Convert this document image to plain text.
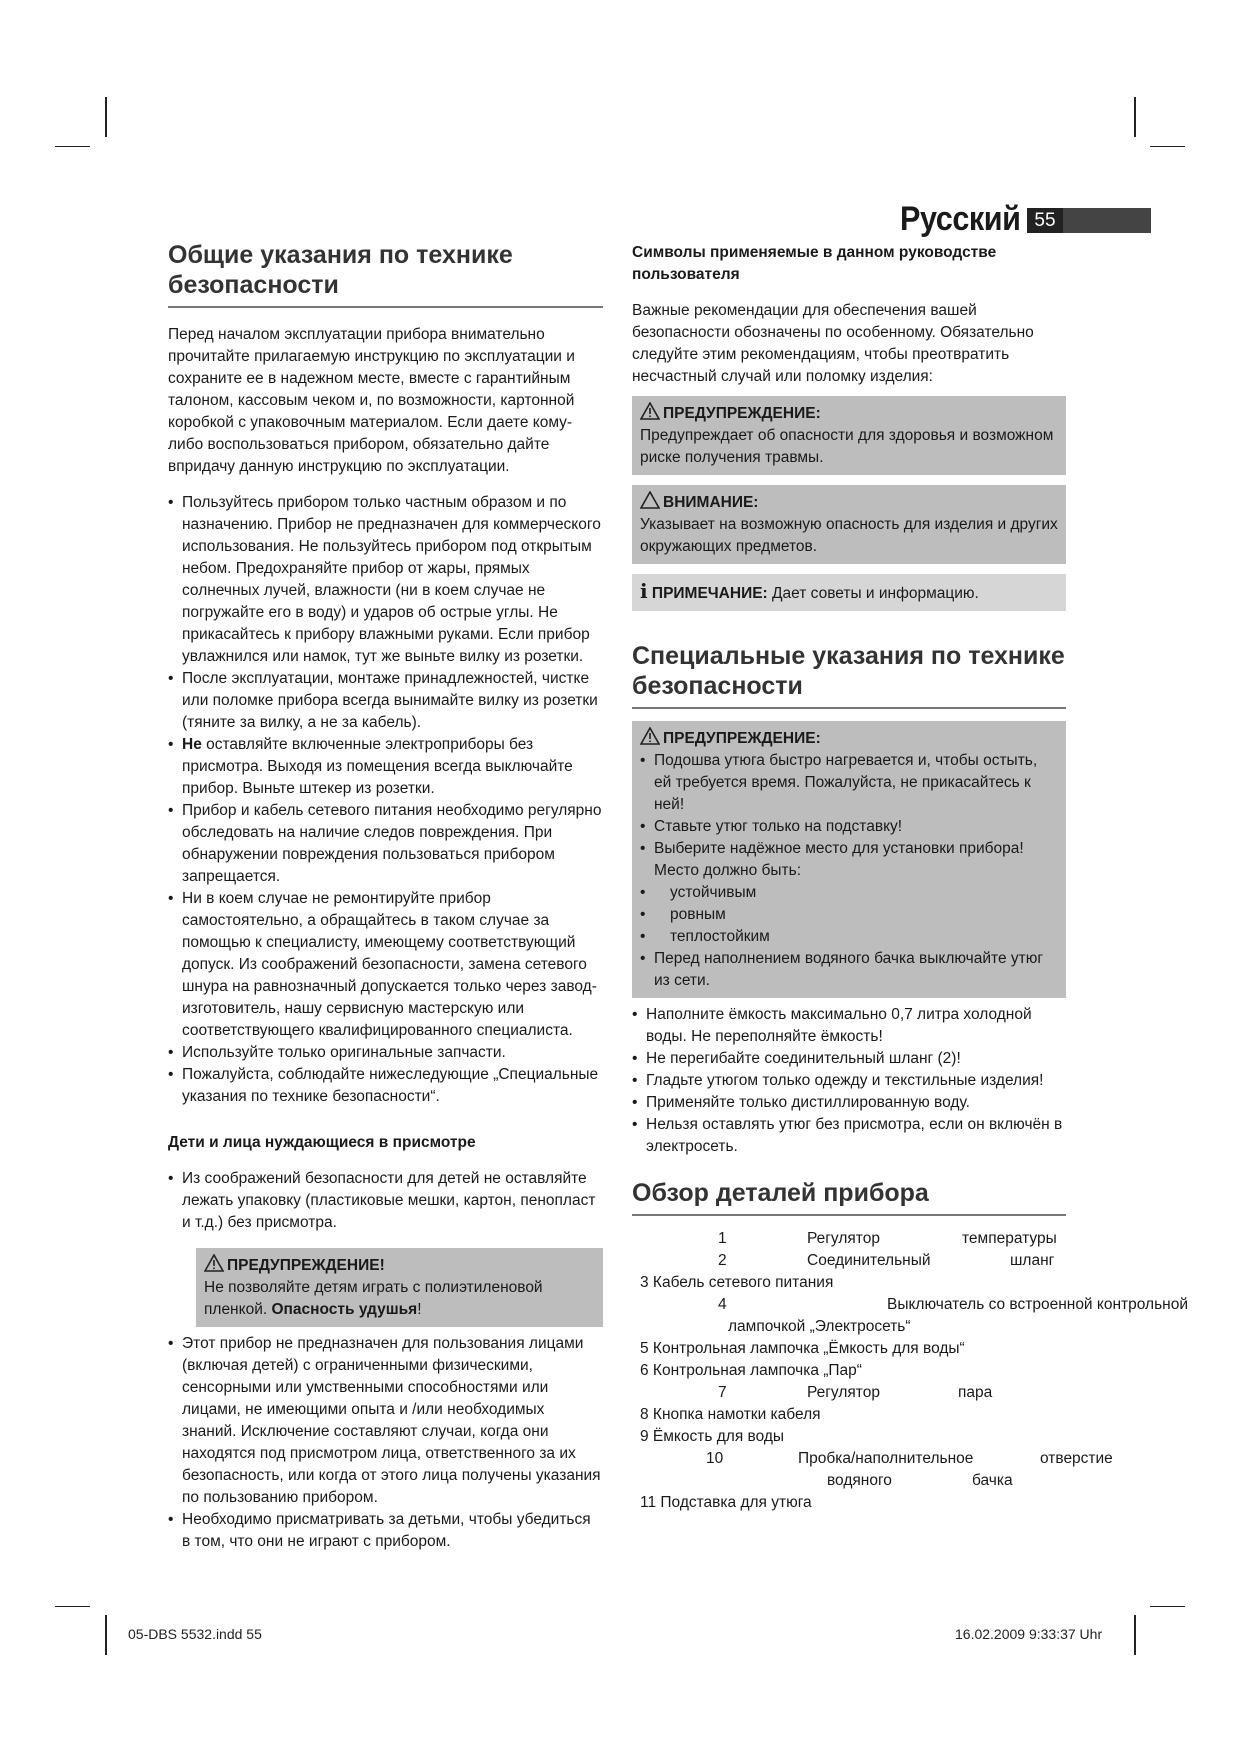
Русский 55
Общие указания по технике безопасности

Перед началом эксплуатации прибора внимательно прочитайте прилагаемую инструкцию по эксплуатации и сохраните ее в надежном месте, вместе с гарантийным талоном, кассовым чеком и, по возможности, картонной коробкой с упаковочным материалом. Если даете кому-либо воспользоваться прибором, обязательно дайте впридачу данную инструкцию по эксплуатации.

• Пользуйтесь прибором только частным образом и по назначению. Прибор не предназначен для коммерческого использования. Не пользуйтесь прибором под открытым небом. Предохраняйте прибор от жары, прямых солнечных лучей, влажности (ни в коем случае не погружайте его в воду) и ударов об острые углы. Не прикасайтесь к прибору влажными руками. Если прибор увлажнился или намок, тут же выньте вилку из розетки.
• После эксплуатации, монтаже принадлежностей, чистке или поломке прибора всегда вынимайте вилку из розетки (тяните за вилку, а не за кабель).
• Не оставляйте включенные электроприборы без присмотра. Выходя из помещения всегда выключайте прибор. Выньте штекер из розетки.
• Прибор и кабель сетевого питания необходимо регулярно обследовать на наличие следов повреждения. При обнаружении повреждения пользоваться прибором запрещается.
• Ни в коем случае не ремонтируйте прибор самостоятельно, а обращайтесь в таком случае за помощью к специалисту, имеющему соответствующий допуск. Из соображений безопасности, замена сетевого шнура на равнозначный допускается только через завод-изготовитель, нашу сервисную мастерскую или соответствующего квалифицированного специалиста.
• Используйте только оригинальные запчасти.
• Пожалуйста, соблюдайте нижеследующие „Специальные указания по технике безопасности“.

Дети и лица нуждающиеся в присмотре

• Из соображений безопасности для детей не оставляйте лежать упаковку (пластиковые мешки, картон, пенопласт и т.д.) без присмотра.
ПРЕДУПРЕЖДЕНИЕ!
Не позволяйте детям играть с полиэтиленовой пленкой. Опасность удушья!
• Этот прибор не предназначен для пользования лицами (включая детей) с ограниченными физическими, сенсорными или умственными способностями или лицами, не имеющими опыта и /или необходимых знаний. Исключение составляют случаи, когда они находятся под присмотром лица, ответственного за их безопасность, или когда от этого лица получены указания по пользованию прибором.
• Необходимо присматривать за детьми, чтобы убедиться в том, что они не играют с прибором.

Символы применяемые в данном руководстве пользователя

Важные рекомендации для обеспечения вашей безопасности обозначены по особенному. Обязательно следуйте этим рекомендациям, чтобы преотвратить несчастный случай или поломку изделия:

ПРЕДУПРЕЖДЕНИЕ:

Предупреждает об опасности для здоровья и возможном риске получения травмы.

ВНИМАНИЕ:

Указывает на возможную опасность для изделия и других окружающих предметов.

i ПРИМЕЧАНИЕ: Дает советы и информацию.
Специальные указания по технике безопасности
ПРЕДУПРЕЖДЕНИЕ:
• Подошва утюга быстро нагревается и, чтобы остыть, ей требуется время. Пожалуйста, не прикасайтесь к ней!
• Ставьте утюг только на подставку!
• Выберите надёжное место для установки прибора! Место должно быть:
• устойчивым
• ровным
• теплостойким
• Перед наполнением водяного бачка выключайте утюг из сети.
• Наполните ёмкость максимально 0,7 литра холодной воды. Не переполняйте ёмкость!
• Не перегибайте соединительный шланг (2)!
• Гладьте утюгом только одежду и текстильные изделия!
• Применяйте только дистиллированную воду.
• Нельзя оставлять утюг без присмотра, если он включён в электросеть.
Обзор деталей прибора
1	Регулятор	температуры

2	Соединительный	шланг

3 Кабель сетевого питания
4	Выключатель со встроенной контрольной

лампочкой „Электросеть“
5 Контрольная лампочка „Ёмкость для воды“
6 Контрольная лампочка „Пар“
7	Регулятор	пара

8 Кнопка намотки кабеля
9 Ёмкость для воды
10	Пробка/наполнительное	отверстие

водяного	бачка

11 Подставка для утюга
05-DBS 5532.indd 55	16.02.2009 9:33:37 Uhr
